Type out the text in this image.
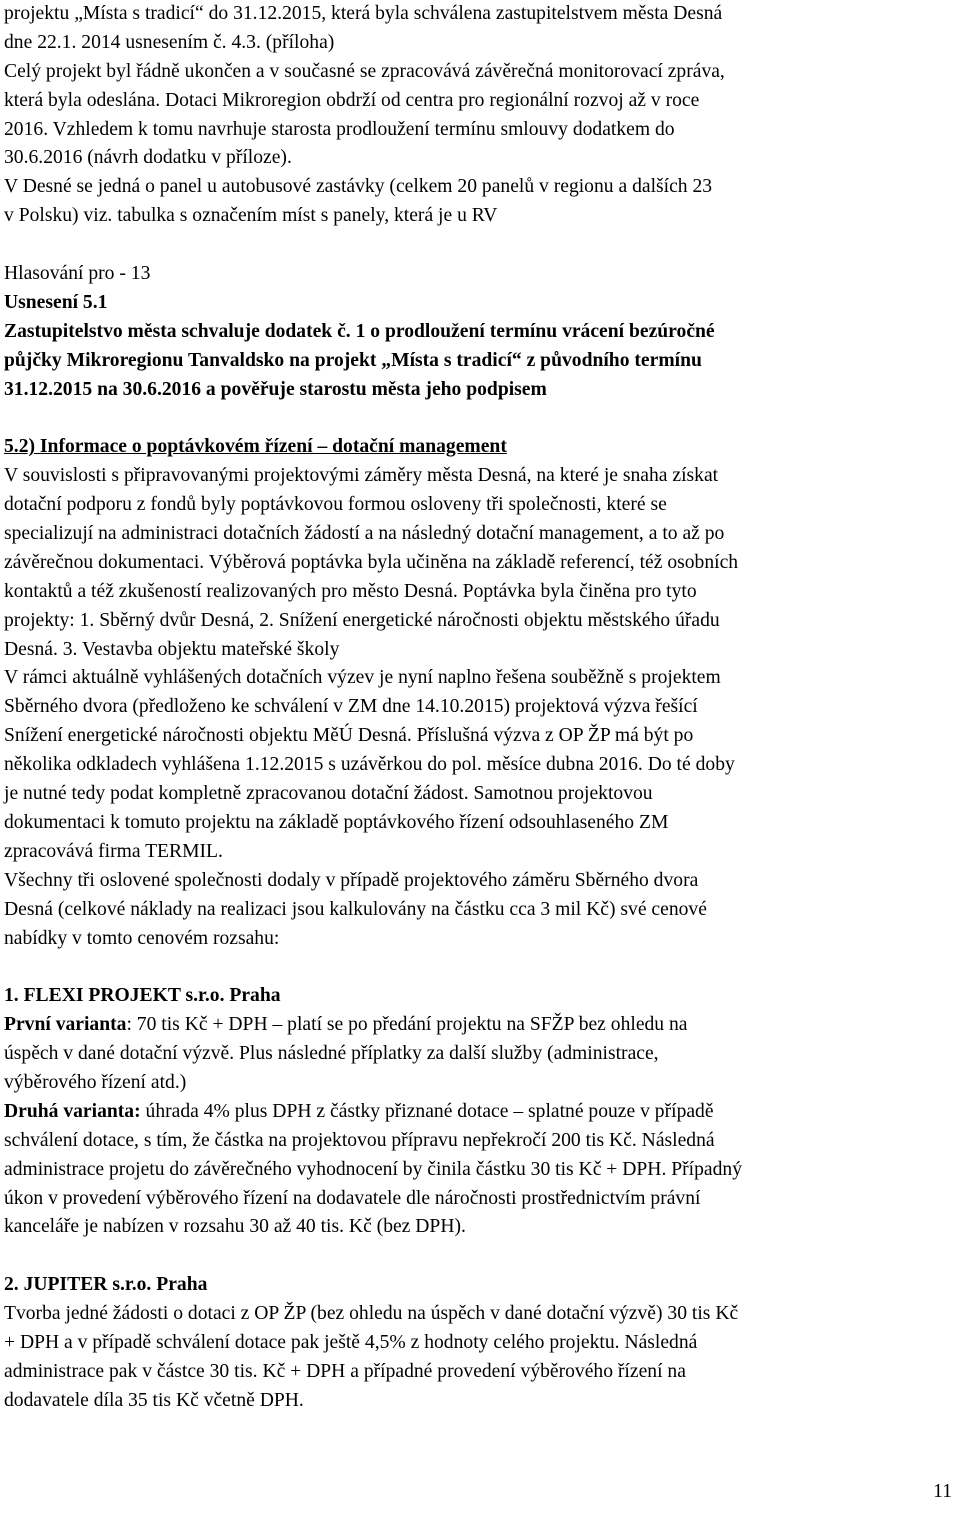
projektu „Místa s tradicí“ do 31.12.2015, která byla schválena zastupitelstvem města Desná
dne 22.1. 2014 usnesením č. 4.3. (příloha)
Celý projekt byl řádně ukončen a v současné se zpracovává závěrečná monitorovací zpráva,
která byla odeslána. Dotaci Mikroregion obdrží od centra pro regionální rozvoj až v roce
2016. Vzhledem k tomu navrhuje starosta prodloužení termínu smlouvy dodatkem do
30.6.2016 (návrh dodatku v příloze).
V Desné se jedná o panel u autobusové zastávky (celkem 20 panelů v regionu a dalších 23
v Polsku) viz. tabulka s označením míst s panely, která je u RV
Hlasování pro - 13
Usnesení 5.1
Zastupitelstvo města schvaluje dodatek č. 1 o prodloužení termínu vrácení bezúročné
půjčky Mikroregionu Tanvaldsko na projekt „Místa s tradicí“ z původního termínu
31.12.2015 na 30.6.2016 a pověřuje starostu města jeho podpisem
5.2) Informace o poptávkovém řízení – dotační management
V souvislosti s připravovanými projektovými záměry města Desná, na které je snaha získat
dotační podporu z fondů byly poptávkovou formou osloveny tři společnosti, které se
specializují na administraci dotačních žádostí a na následný dotační management, a to až po
závěrečnou dokumentaci. Výběrová poptávka byla učiněna na základě referencí, též osobních
kontaktů a též zkušeností realizovaných pro město Desná. Poptávka byla činěna pro tyto
projekty: 1. Sběrný dvůr Desná, 2. Snížení energetické náročnosti objektu městského úřadu
Desná. 3. Vestavba objektu mateřské školy
V rámci aktuálně vyhlášených dotačních výzev je nyní naplno řešena souběžně s projektem
Sběrného dvora (předloženo ke schválení v ZM dne 14.10.2015) projektová výzva řešící
Snížení energetické náročnosti objektu MěÚ Desná. Příslušná výzva z OP ŽP má být po
několika odkladech vyhlášena 1.12.2015 s uzávěrkou do pol. měsíce dubna 2016. Do té doby
je nutné tedy podat kompletně zpracovanou dotační žádost. Samotnou projektovou
dokumentaci k tomuto projektu na základě poptávkového řízení odsouhlaseného ZM
zpracovává firma TERMIL.
Všechny tři oslovené společnosti dodaly v případě projektového záměru Sběrného dvora
Desná (celkové náklady na realizaci jsou kalkulovány na částku cca 3 mil Kč) své cenové
nabídky v tomto cenovém rozsahu:
1. FLEXI PROJEKT s.r.o. Praha
První varianta: 70 tis Kč + DPH – platí se po předání projektu na SFŽP bez ohledu na
úspěch v dané dotační výzvě. Plus následné příplatky za další služby (administrace,
výběrového řízení atd.)
Druhá varianta: úhrada 4% plus DPH z částky přiznané dotace – splatné pouze v případě
schválení dotace, s tím, že částka na projektovou přípravu nepřekročí 200 tis Kč. Následná
administrace projetu do závěrečného vyhodnocení by činila částku 30 tis Kč + DPH. Případný
úkon v provedení výběrového řízení na dodavatele dle náročnosti prostřednictvím právní
kanceláře je nabízen v rozsahu 30 až 40 tis. Kč (bez DPH).
2. JUPITER s.r.o. Praha
Tvorba jedné žádosti o dotaci z OP ŽP (bez ohledu na úspěch v dané dotační výzvě) 30 tis Kč
+ DPH a v případě schválení dotace pak ještě 4,5% z hodnoty celého projektu. Následná
administrace pak v částce 30 tis. Kč + DPH a případné provedení výběrového řízení na
dodavatele díla 35 tis Kč včetně DPH.
11
